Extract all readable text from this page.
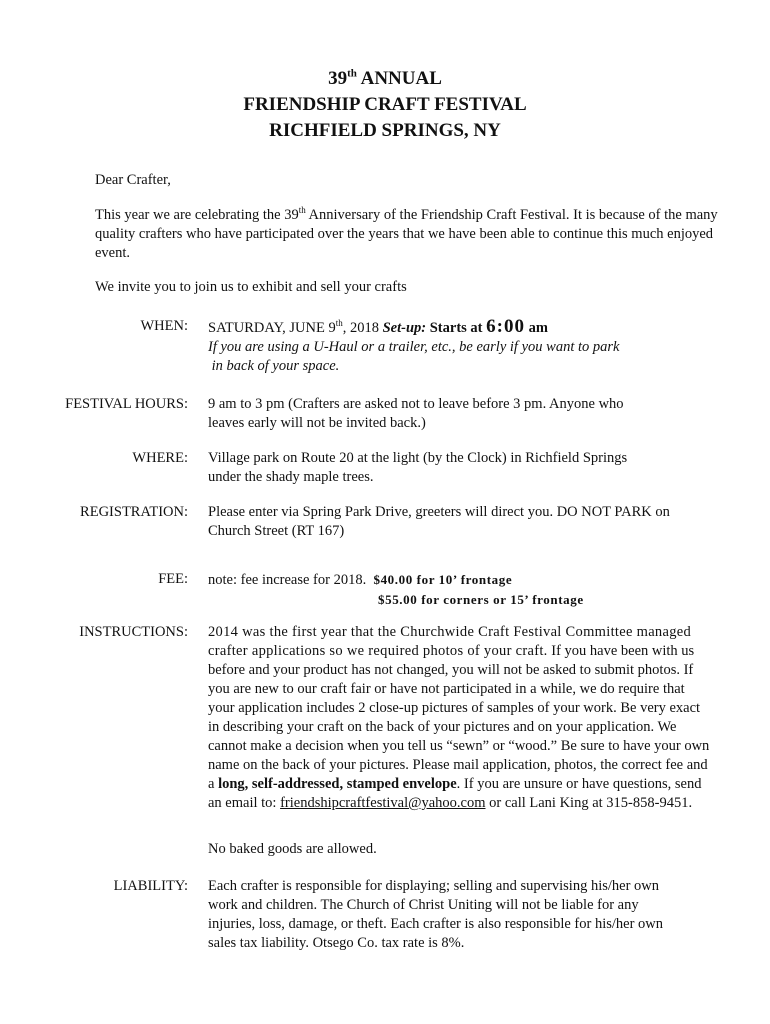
39th ANNUAL
FRIENDSHIP CRAFT FESTIVAL
RICHFIELD SPRINGS, NY
Dear Crafter,
This year we are celebrating the 39th Anniversary of the Friendship Craft Festival. It is because of the many quality crafters who have participated over the years that we have been able to continue this much enjoyed event.
We invite you to join us to exhibit and sell your crafts
WHEN: SATURDAY, JUNE 9th, 2018 Set-up: Starts at 6:00 am
If you are using a U-Haul or a trailer, etc., be early if you want to park
in back of your space.
FESTIVAL HOURS: 9 am to 3 pm (Crafters are asked not to leave before 3 pm. Anyone who leaves early will not be invited back.)
WHERE: Village park on Route 20 at the light (by the Clock) in Richfield Springs under the shady maple trees.
REGISTRATION: Please enter via Spring Park Drive, greeters will direct you. DO NOT PARK on Church Street (RT 167)
FEE: note: fee increase for 2018.  $40.00 for 10’ frontage
$55.00 for corners or 15’ frontage
INSTRUCTIONS: 2014 was the first year that the Churchwide Craft Festival Committee managed crafter applications so we required photos of your craft. If you have been with us before and your product has not changed, you will not be asked to submit photos. If you are new to our craft fair or have not participated in a while, we do require that your application includes 2 close-up pictures of samples of your work. Be very exact in describing your craft on the back of your pictures and on your application. We cannot make a decision when you tell us “sewn” or “wood.” Be sure to have your own name on the back of your pictures. Please mail application, photos, the correct fee and a long, self-addressed, stamped envelope. If you are unsure or have questions, send an email to: friendshipcraftfestival@yahoo.com or call Lani King at 315-858-9451.
No baked goods are allowed.
LIABILITY: Each crafter is responsible for displaying; selling and supervising his/her own work and children. The Church of Christ Uniting will not be liable for any injuries, loss, damage, or theft. Each crafter is also responsible for his/her own sales tax liability. Otsego Co. tax rate is 8%.
